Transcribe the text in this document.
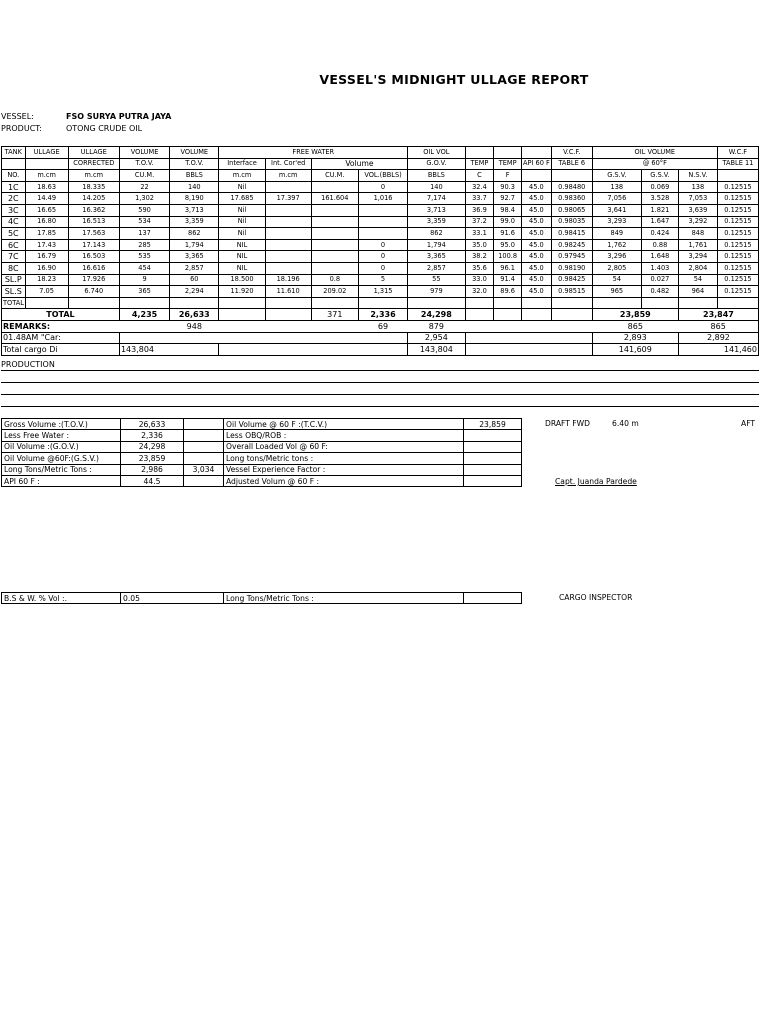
VESSEL'S MIDNIGHT ULLAGE REPORT
VESSEL:	FSO SURYA PUTRA JAYA
PRODUCT:	OTONG CRUDE OIL
TANK	ULLAGE	ULLAGE	VOLUME	VOLUME	FREE WATER				OIL VOL				V.C.F.	OIL VOLUME			W.C.F
		CORRECTED	T.O.V.	T.O.V.	Interface	Int. Cor'ed	Volume		G.O.V.	TEMP	TEMP	API 60 F	TABLE 6	@ 60°F			TABLE 11
NO.	m.cm	m.cm	CU.M.	BBLS	m.cm	m.cm	CU.M.	VOL.(BBLS)	BBLS	C	F			G.S.V.	G.S.V.	N.S.V.	
1C	18.63	18.335	22	140	Nil			0	140	32.4	90.3	45.0	0.98480	138	0.069	138	0.12515
2C	14.49	14.205	1,302	8,190	17.685	17.397	161.604	1,016	7,174	33.7	92.7	45.0	0.98360	7,056	3.528	7,053	0.12515
3C	16.65	16.362	590	3,713	Nil				3,713	36.9	98.4	45.0	0.98065	3,641	1.821	3,639	0.12515
4C	16.80	16.513	534	3,359	Nil				3,359	37.2	99.0	45.0	0.98035	3,293	1.647	3,292	0.12515
5C	17.85	17.563	137	862	Nil				862	33.1	91.6	45.0	0.98415	849	0.424	848	0.12515
6C	17.43	17.143	285	1,794	NIL			0	1,794	35.0	95.0	45.0	0.98245	1,762	0.88	1,761	0.12515
7C	16.79	16.503	535	3,365	NIL			0	3,365	38.2	100.8	45.0	0.97945	3,296	1.648	3,294	0.12515
8C	16.90	16.616	454	2,857	NIL			0	2,857	35.6	96.1	45.0	0.98190	2,805	1.403	2,804	0.12515
SL.P	18.23	17.926	9	60	18.500	18.196	0.8	5	55	33.0	91.4	45.0	0.98425	54	0.027	54	0.12515
SL.S	7.05	6.740	365	2,294	11.920	11.610	209.02	1,315	979	32.0	89.6	45.0	0.98515	965	0.482	964	0.12515
TOTAL																	
TOTAL			4,235	26,633			371	2,336	24,298					23,859		23,847	
REMARKS:				948				69	879					865		865	
01.48AM "Car:									2,954					2,893		2,892	
Total cargo Di			143,804						143,804					141,609		141,460	
PRODUCTION
Gross Volume :(T.O.V.)	26,633		Oil Volume @ 60 F :(T.C.V.)	23,859
Less Free Water :	2,336		Less OBQ/ROB :	
Oil Volume :(G.O.V.)	24,298		Overall Loaded Vol @ 60 F:	
Oil Volume @60F:(G.S.V.)	23,859		Long tons/Metric tons :	
Long Tons/Metric Tons :	2,986	3,034	Vessel Experience Factor :	
API 60 F :	44.5		Adjusted Volum @ 60 F :	
B.S & W. % Vol :.	0.05	Long Tons/Metric Tons :	
DRAFT FWD	6.40 m	AFT
Capt. Juanda Pardede
CARGO INSPECTOR
